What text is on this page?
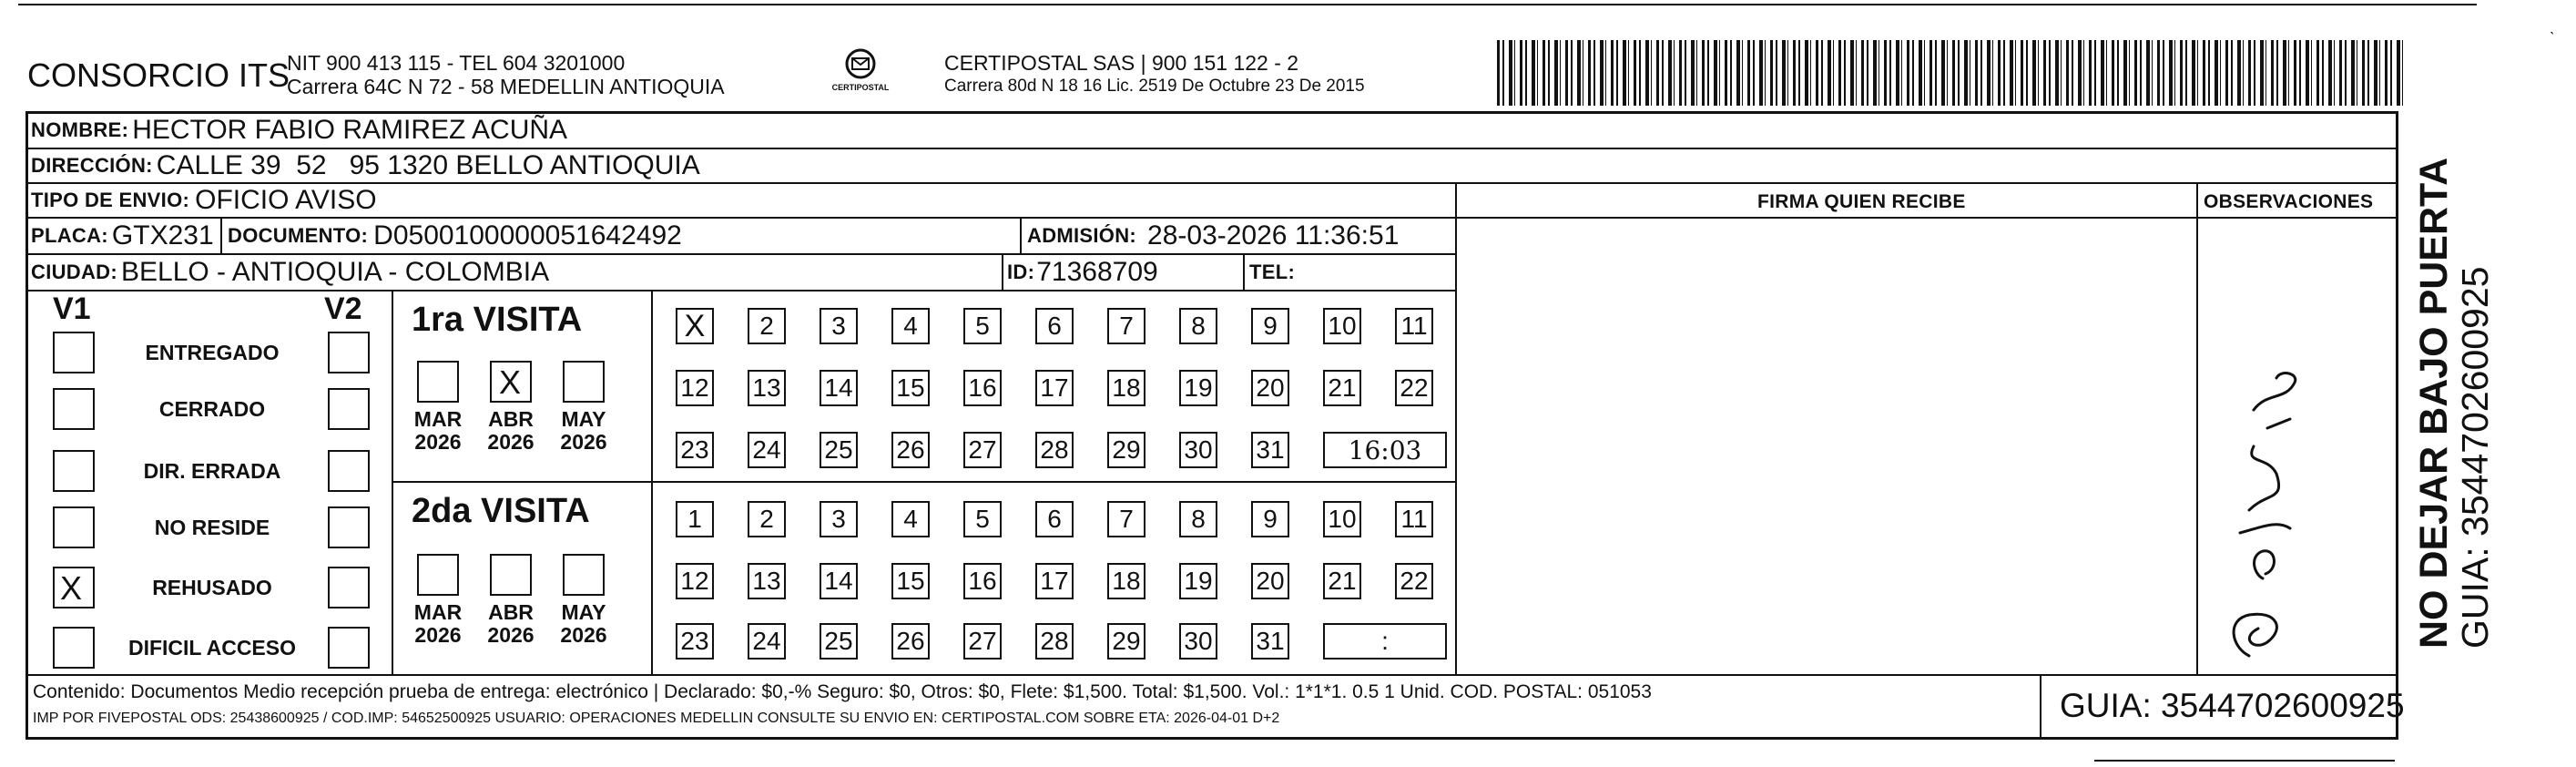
CONSORCIO ITS
NIT 900 413 115 - TEL 604 3201000
Carrera 64C N 72 - 58 MEDELLIN ANTIOQUIA	CERTIPOSTAL
CERTIPOSTAL SAS | 900 151 122 - 2
Carrera 80d N 18 16 Lic. 2519 De Octubre 23 De 2015
NOMBRE: HECTOR FABIO RAMIREZ ACUÑA
DIRECCIÓN: CALLE 39  52   95 1320 BELLO ANTIOQUIA
TIPO DE ENVIO: OFICIO AVISO	FIRMA QUIEN RECIBE	OBSERVACIONES
PLACA: GTX231 DOCUMENTO: D0500100000051642492	ADMISIÓN: 28-03-2026 11:36:51
CIUDAD: BELLO - ANTIOQUIA - COLOMBIA	ID: 71368709	TEL:
V1	V2 1ra VISITA
2da VISITA
ENTREGADO
CERRADO
DIR. ERRADA
NO RESIDE
X	REHUSADO
DIFICIL ACCESO
MAR
2026
X
ABR
2026
MAY
2026
MAR
2026
ABR
2026
MAY
2026
X	2	3	4	5	6	7	8	9	10 11
12 13 14 15 16 17 18 19 20 21 22
23 24 25 26 27 28 29 30 31	16:03
1	2	3	4	5	6	7	8	9	10 11
12 13 14 15 16 17 18 19 20 21 22
23 24 25 26 27 28 29 30 31	:
Contenido: Documentos Medio recepción prueba de entrega: electrónico | Declarado: $0,-% Seguro: $0, Otros: $0, Flete: $1,500. Total: $1,500. Vol.: 1*1*1. 0.5 1 Unid. COD. POSTAL: 051053
IMP POR FIVEPOSTAL ODS: 25438600925 / COD.IMP: 54652500925 USUARIO: OPERACIONES MEDELLIN CONSULTE SU ENVIO EN: CERTIPOSTAL.COM SOBRE ETA: 2026-04-01 D+2	GUIA: 3544702600925
NO DEJAR BAJO PUERTA
GUIA: 3544702600925
ˎ
